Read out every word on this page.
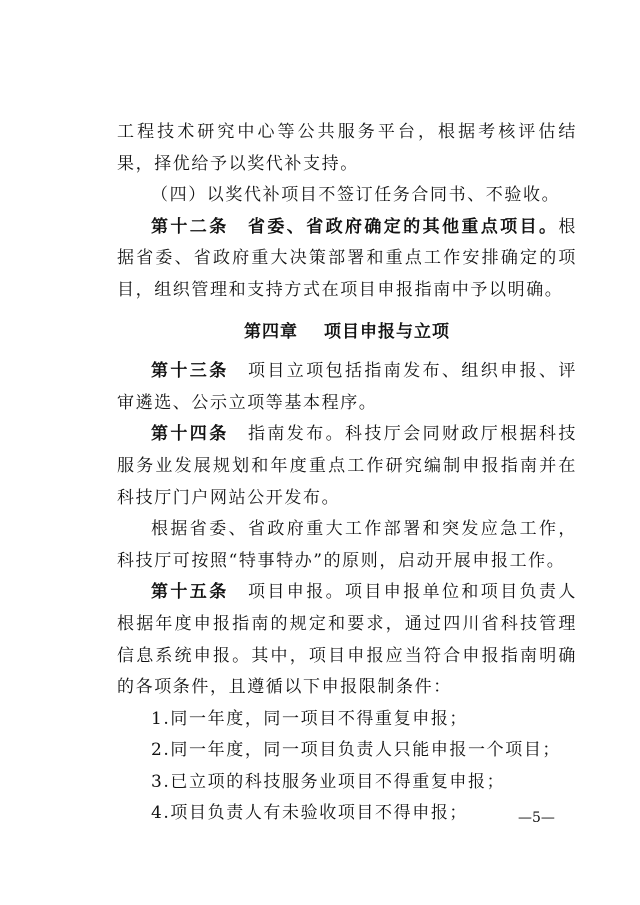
工程技术研究中心等公共服务平台，根据考核评估结果，择优给予以奖代补支持。

（四）以奖代补项目不签订任务合同书、不验收。

第十二条　省委、省政府确定的其他重点项目。根据省委、省政府重大决策部署和重点工作安排确定的项目，组织管理和支持方式在项目申报指南中予以明确。

第四章 项目申报与立项

第十三条　项目立项包括指南发布、组织申报、评审遴选、公示立项等基本程序。

第十四条　指南发布。科技厅会同财政厅根据科技服务业发展规划和年度重点工作研究编制申报指南并在科技厅门户网站公开发布。

根据省委、省政府重大工作部署和突发应急工作，科技厅可按照“特事特办”的原则，启动开展申报工作。

第十五条　项目申报。项目申报单位和项目负责人根据年度申报指南的规定和要求，通过四川省科技管理信息系统申报。其中，项目申报应当符合申报指南明确的各项条件，且遵循以下申报限制条件：

1.同一年度，同一项目不得重复申报；

2.同一年度，同一项目负责人只能申报一个项目；

3.已立项的科技服务业项目不得重复申报；

4.项目负责人有未验收项目不得申报；	—5—
